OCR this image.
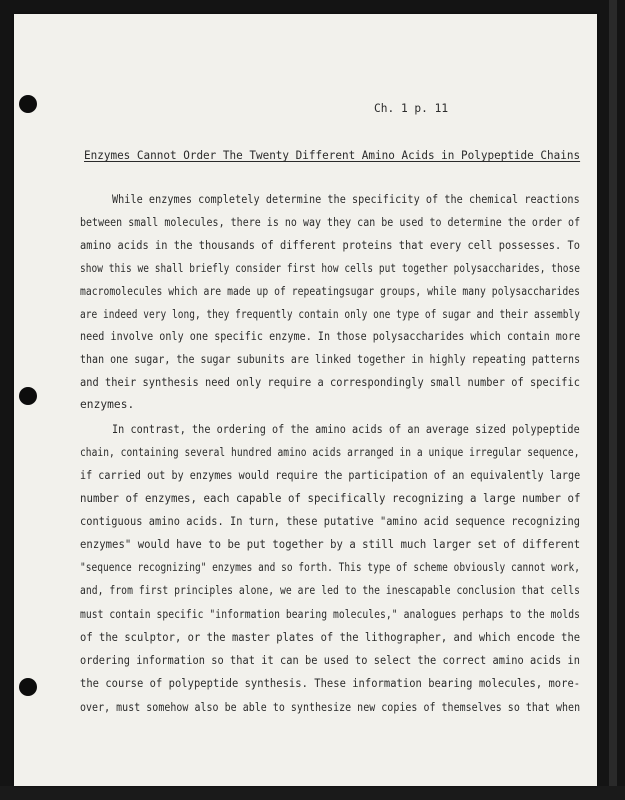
Ch. 1 p. 11
Enzymes Cannot Order The Twenty Different Amino Acids in Polypeptide Chains
While enzymes completely determine the specificity of the chemical reactions
between small molecules, there is no way they can be used to determine the order of
amino acids in the thousands of different proteins that every cell possesses. To
show this we shall briefly consider first how cells put together polysaccharides, those
macromolecules which are made up of repeatingsugar groups, while many polysaccharides
are indeed very long, they frequently contain only one type of sugar and their assembly
need involve only one specific enzyme. In those polysaccharides which contain more
than one sugar, the sugar subunits are linked together in highly repeating patterns
and their synthesis need only require a correspondingly small number of specific
enzymes.
In contrast, the ordering of the amino acids of an average sized polypeptide
chain, containing several hundred amino acids arranged in a unique irregular sequence,
if carried out by enzymes would require the participation of an equivalently large
number of enzymes, each capable of specifically recognizing a large number of
contiguous amino acids. In turn, these putative "amino acid sequence recognizing
enzymes" would have to be put together by a still much larger set of different
"sequence recognizing" enzymes and so forth. This type of scheme obviously cannot work,
and, from first principles alone, we are led to the inescapable conclusion that cells
must contain specific "information bearing molecules," analogues perhaps to the molds
of the sculptor, or the master plates of the lithographer, and which encode the
ordering information so that it can be used to select the correct amino acids in
the course of polypeptide synthesis. These information bearing molecules, more-
over, must somehow also be able to synthesize new copies of themselves so that when
